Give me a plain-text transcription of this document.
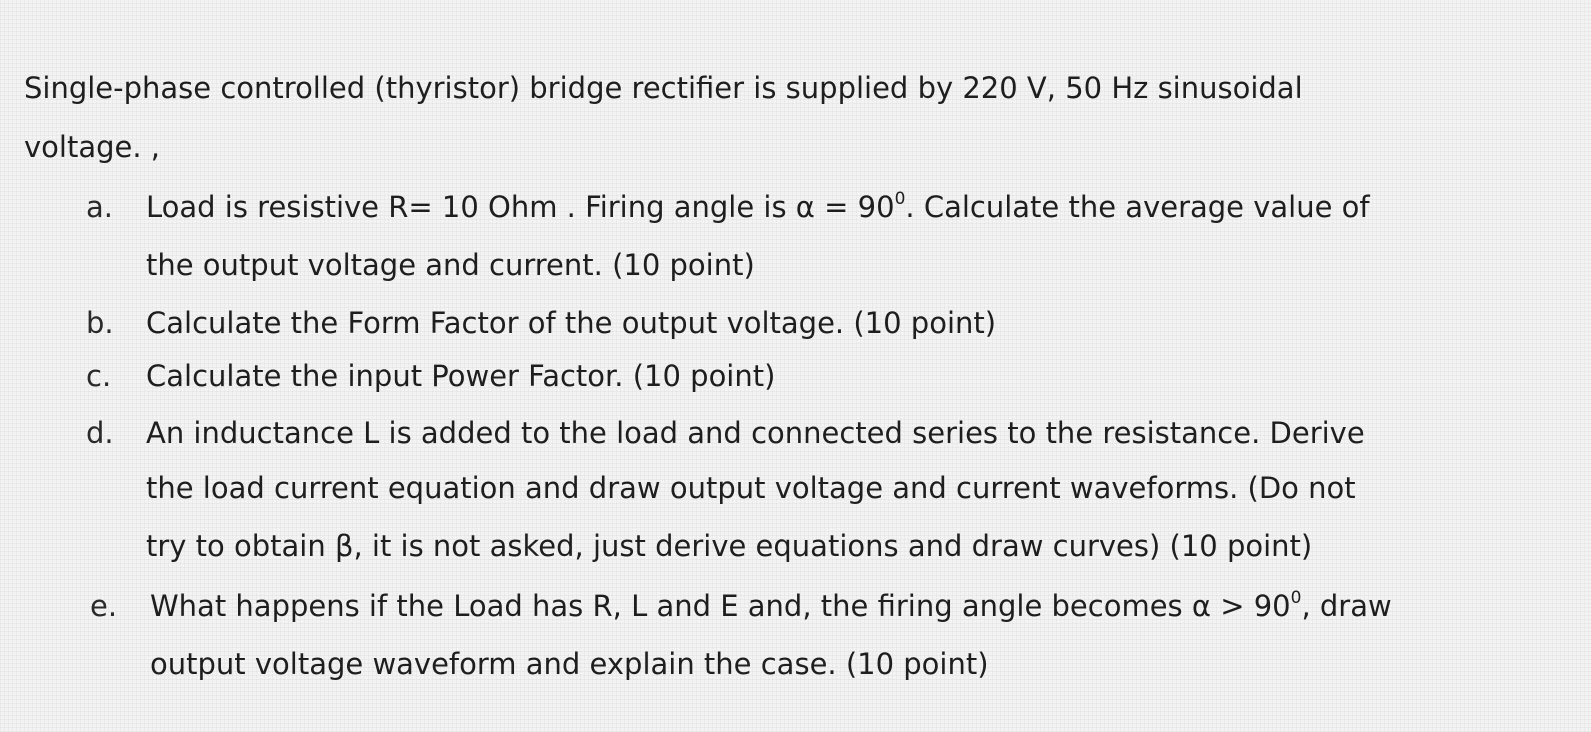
Single-phase controlled (thyristor) bridge rectifier is supplied by 220 V, 50 Hz sinusoidal
voltage. ,
a. Load is resistive R= 10 Ohm . Firing angle is $\alpha = 90^0$. Calculate the average value of
the output voltage and current. (10 point)
b. Calculate the Form Factor of the output voltage. (10 point)
c. Calculate the input Power Factor. (10 point)
d. An inductance L is added to the load and connected series to the resistance. Derive
the load current equation and draw output voltage and current waveforms. (Do not
try to obtain β, it is not asked, just derive equations and draw curves) (10 point)
e. What happens if the Load has R, L and E and, the firing angle becomes $\alpha > 90^0$, draw
output voltage waveform and explain the case. (10 point)
